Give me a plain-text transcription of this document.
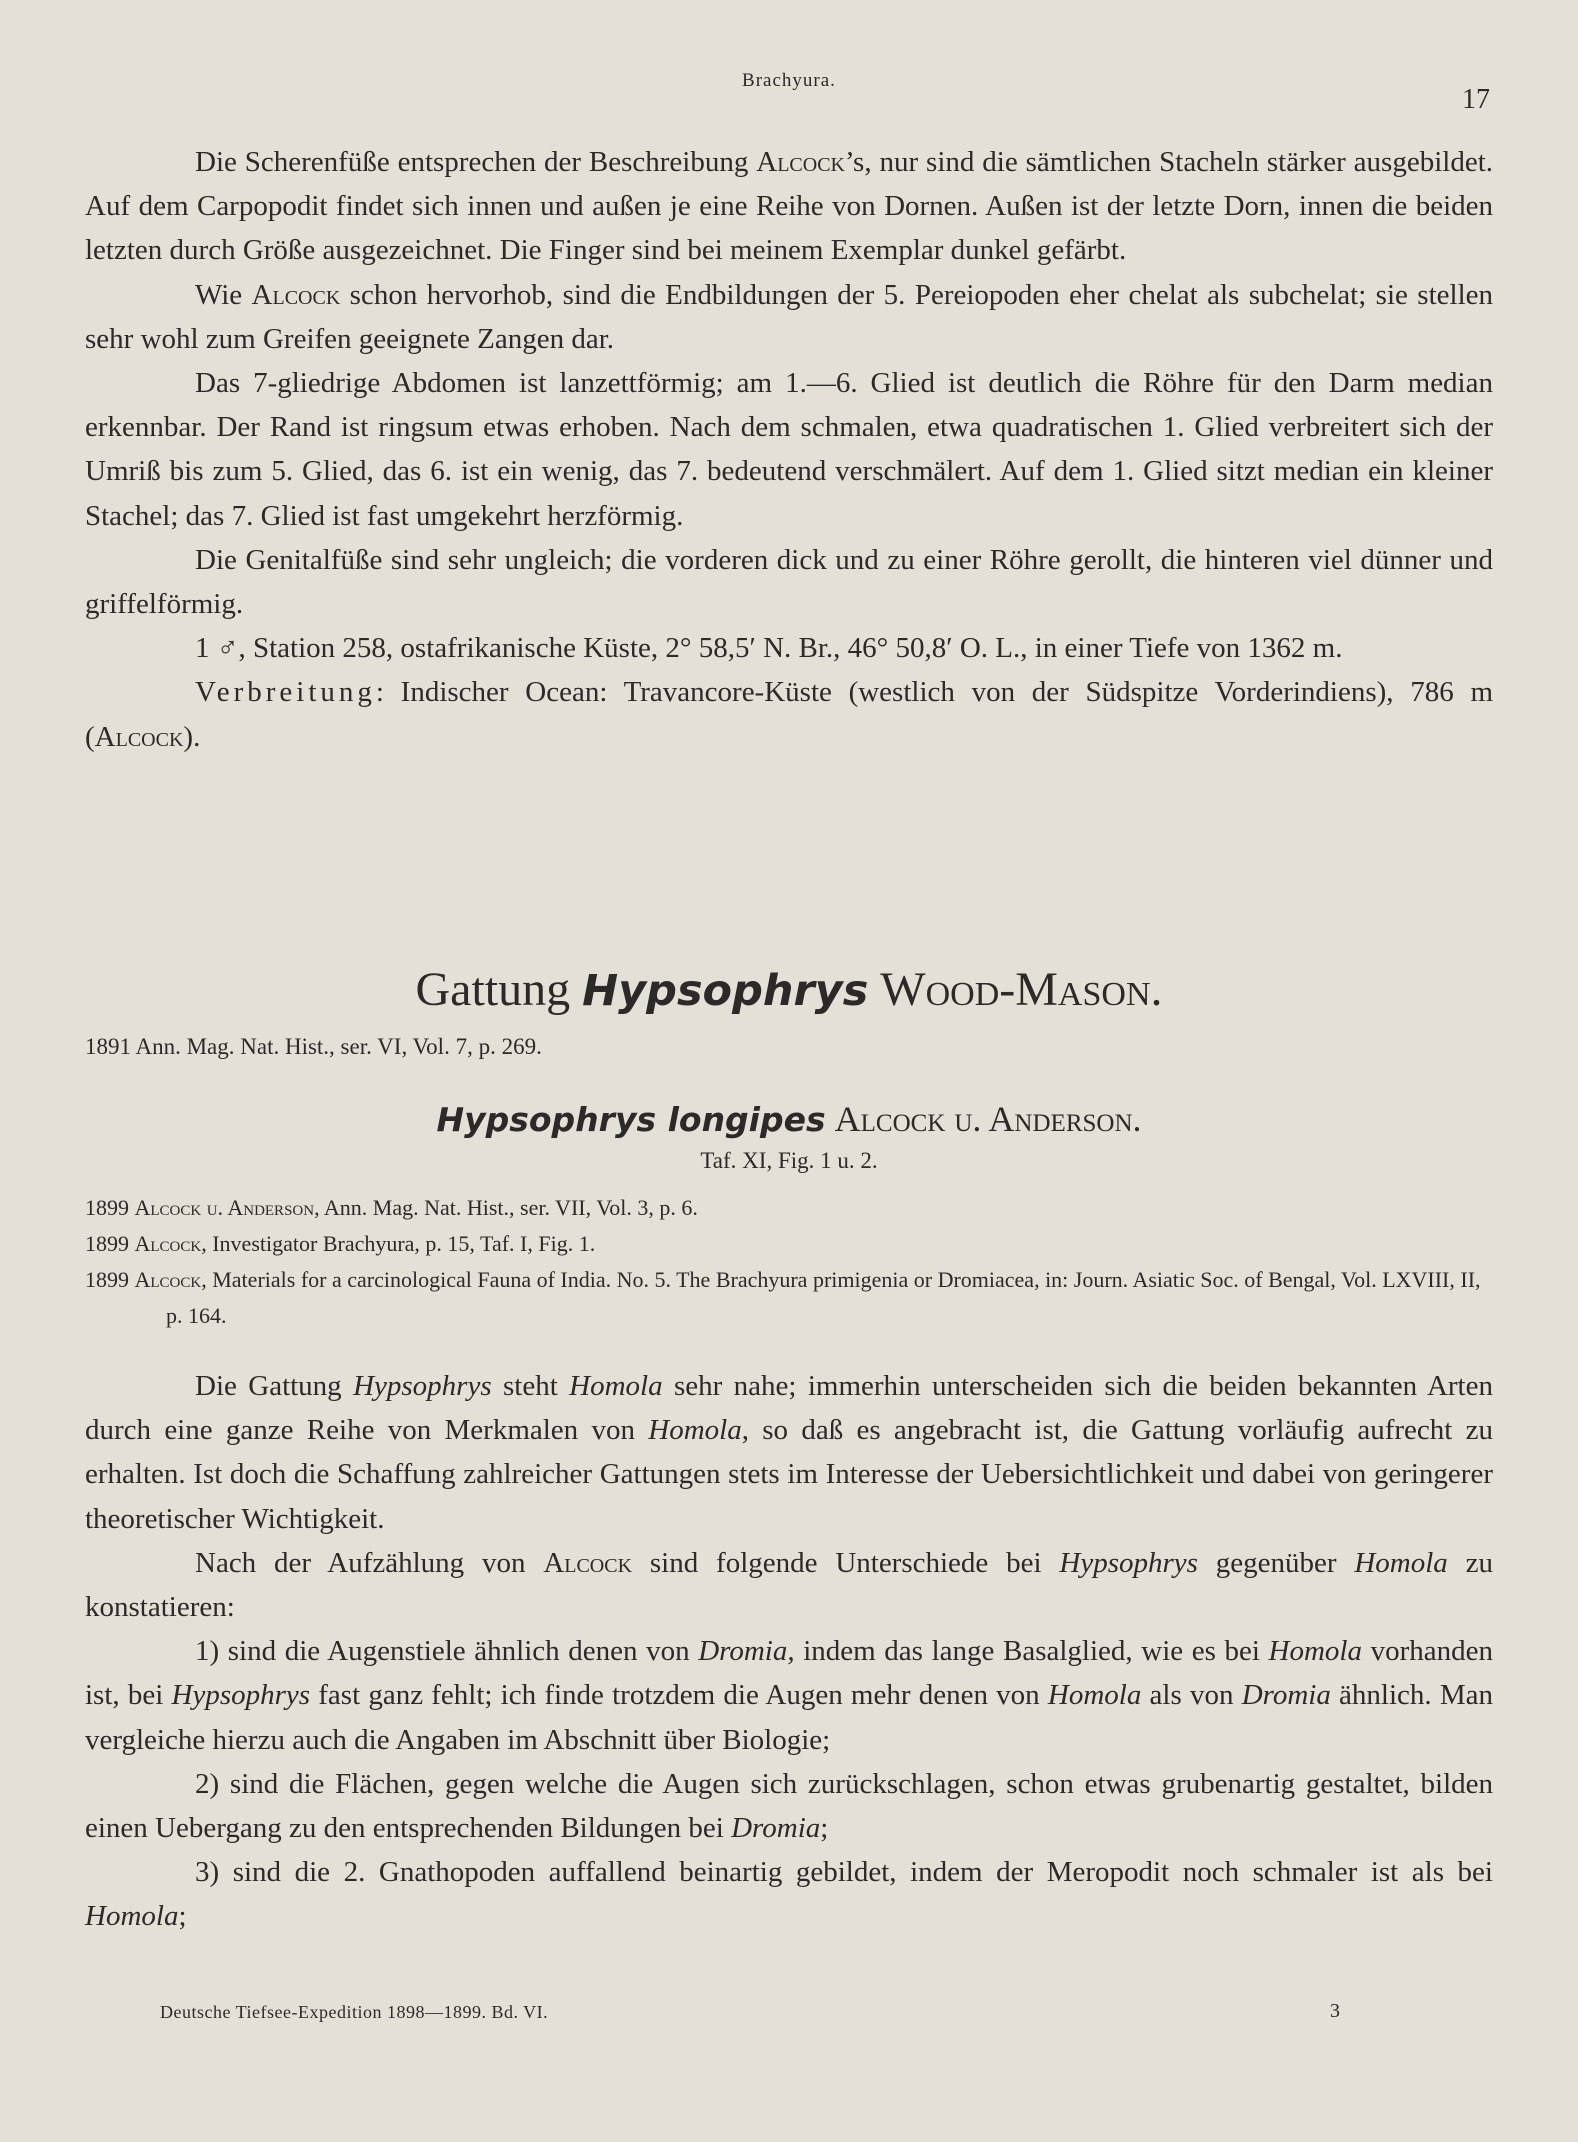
Brachyura.
17

Die Scherenfüße entsprechen der Beschreibung Alcock’s, nur sind die sämtlichen Stacheln stärker ausgebildet. Auf dem Carpopodit findet sich innen und außen je eine Reihe von Dornen. Außen ist der letzte Dorn, innen die beiden letzten durch Größe ausgezeichnet. Die Finger sind bei meinem Exemplar dunkel gefärbt.

Wie Alcock schon hervorhob, sind die Endbildungen der 5. Pereiopoden eher chelat als subchelat; sie stellen sehr wohl zum Greifen geeignete Zangen dar.

Das 7-gliedrige Abdomen ist lanzettförmig; am 1.—6. Glied ist deutlich die Röhre für den Darm median erkennbar. Der Rand ist ringsum etwas erhoben. Nach dem schmalen, etwa quadratischen 1. Glied verbreitert sich der Umriß bis zum 5. Glied, das 6. ist ein wenig, das 7. bedeutend verschmälert. Auf dem 1. Glied sitzt median ein kleiner Stachel; das 7. Glied ist fast umgekehrt herzförmig.

Die Genitalfüße sind sehr ungleich; die vorderen dick und zu einer Röhre gerollt, die hinteren viel dünner und griffelförmig.

1 ♂, Station 258, ostafrikanische Küste, 2° 58,5′ N. Br., 46° 50,8′ O. L., in einer Tiefe von 1362 m.

Verbreitung: Indischer Ocean: Travancore-Küste (westlich von der Südspitze Vorderindiens), 786 m (Alcock).

Gattung Hypsophrys Wood-Mason.
1891 Ann. Mag. Nat. Hist., ser. VI, Vol. 7, p. 269.
Hypsophrys longipes Alcock u. Anderson.
Taf. XI, Fig. 1 u. 2.
1899 Alcock u. Anderson, Ann. Mag. Nat. Hist., ser. VII, Vol. 3, p. 6.
1899 Alcock, Investigator Brachyura, p. 15, Taf. I, Fig. 1.
1899 Alcock, Materials for a carcinological Fauna of India. No. 5. The Brachyura primigenia or Dromiacea, in: Journ. Asiatic Soc. of Bengal, Vol. LXVIII, II, p. 164.

Die Gattung Hypsophrys steht Homola sehr nahe; immerhin unterscheiden sich die beiden bekannten Arten durch eine ganze Reihe von Merkmalen von Homola, so daß es angebracht ist, die Gattung vorläufig aufrecht zu erhalten. Ist doch die Schaffung zahlreicher Gattungen stets im Interesse der Uebersichtlichkeit und dabei von geringerer theoretischer Wichtigkeit.

Nach der Aufzählung von Alcock sind folgende Unterschiede bei Hypsophrys gegenüber Homola zu konstatieren:

1) sind die Augenstiele ähnlich denen von Dromia, indem das lange Basalglied, wie es bei Homola vorhanden ist, bei Hypsophrys fast ganz fehlt; ich finde trotzdem die Augen mehr denen von Homola als von Dromia ähnlich. Man vergleiche hierzu auch die Angaben im Abschnitt über Biologie;

2) sind die Flächen, gegen welche die Augen sich zurückschlagen, schon etwas grubenartig gestaltet, bilden einen Uebergang zu den entsprechenden Bildungen bei Dromia;

3) sind die 2. Gnathopoden auffallend beinartig gebildet, indem der Meropodit noch schmaler ist als bei Homola;

Deutsche Tiefsee-Expedition 1898—1899. Bd. VI.	3
